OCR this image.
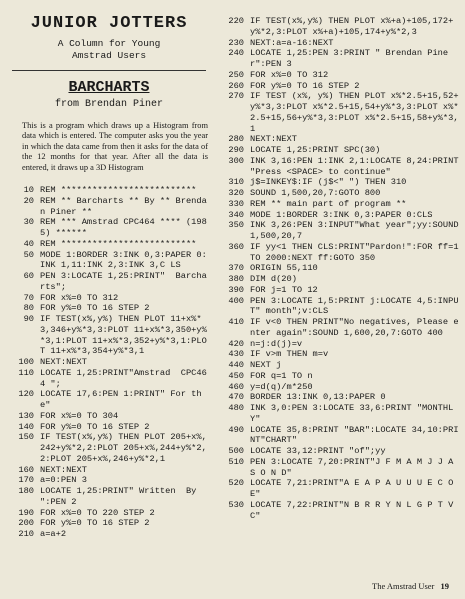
JUNIOR JOTTERS
A Column for Young
Amstrad Users
BARCHARTS
from Brendan Piner

This is a program which draws up a Histogram from data which is entered. The computer asks you the year in which the data came from then it asks for the data of the 12 months for that year. After all the data is entered, it draws up a 3D Histogram

10 REM **************************
20 REM ** Barcharts ** By ** Brendan Piner **
30 REM *** Amstrad CPC464 **** (1985) ******
40 REM **************************
50 MODE 1:BORDER 3:INK 0,3:PAPER 0:INK 1,11:INK 2,3:INK 3,C LS
60 PEN 3:LOCATE 1,25:PRINT"  Barcharts";
70 FOR x%=0 TO 312
80 FOR y%=0 TO 16 STEP 2
90 IF TEST(x%,y%) THEN PLOT 11+x%*3,346+y%*3,3:PLOT 11+x%*3,350+y%*3,1:PLOT 11+x%*3,352+y%*3,1:PLOT 11+x%*3,354+y%*3,1
100 NEXT:NEXT
110 LOCATE 1,25:PRINT"Amstrad  CPC464 ";
120 LOCATE 17,6:PEN 1:PRINT" For the"
130 FOR x%=0 TO 304
140 FOR y%=0 TO 16 STEP 2
150 IF TEST(x%,y%) THEN PLOT 205+x%,242+y%*2,2:PLOT 205+x%,244+y%*2,2:PLOT 205+x%,246+y%*2,1
160 NEXT:NEXT
170 a=0:PEN 3
180 LOCATE 1,25:PRINT" Written  By      ":PEN 2
190 FOR x%=0 TO 220 STEP 2
200 FOR y%=0 TO 16 STEP 2
210 a=a+2
220 IF TEST(x%,y%) THEN PLOT x%+a)+105,172+y%*2,3:PLOT x%+a)+105,174+y%*2,3
230 NEXT:a=a-16:NEXT
240 LOCATE 1,25:PEN 3:PRINT " Brendan Piner":PEN 3
250 FOR x%=0 TO 312
260 FOR y%=0 TO 16 STEP 2
270 IF TEST (x%, y%) THEN PLOT x%*2.5+15,52+y%*3,3:PLOT x%*2.5+15,54+y%*3,3:PLOT x%*2.5+15,56+y%*3,3:PLOT x%*2.5+15,58+y%*3,1
280 NEXT:NEXT
290 LOCATE 1,25:PRINT SPC(30)
300 INK 3,16:PEN 1:INK 2,1:LOCATE 8,24:PRINT "Press <SPACE> to continue"
310 j$=INKEY$:IF (j$<" ") THEN 310
320 SOUND 1,500,20,7:GOTO 800
330 REM ** main part of program **
340 MODE 1:BORDER 3:INK 0,3:PAPER 0:CLS
350 INK 3,26:PEN 3:INPUT"What year";yy:SOUND 1,500,20,7
360 IF yy<1 THEN CLS:PRINT"Pardon!":FOR ff=1 TO 2000:NEXT ff:GOTO 350
370 ORIGIN 55,110
380 DIM d(20)
390 FOR j=1 TO 12
400 PEN 3:LOCATE 1,5:PRINT j:LOCATE 4,5:INPUT" month";v:CLS
410 IF v<0 THEN PRINT"No negatives, Please enter again":SOUND 1,600,20,7:GOTO 400
420 n=j:d(j)=v
430 IF v>m THEN m=v
440 NEXT j
450 FOR q=1 TO n
460 y=d(q)/m*250
470 BORDER 13:INK 0,13:PAPER 0
480 INK 3,0:PEN 3:LOCATE 33,6:PRINT "MONTHLY"
490 LOCATE 35,8:PRINT "BAR":LOCATE 34,10:PRINT"CHART"
500 LOCATE 33,12:PRINT "of";yy
510 PEN 3:LOCATE 7,20:PRINT"J F M A M J J A S O N D"
520 LOCATE 7,21:PRINT"A E A P A U U U E C O E"
530 LOCATE 7,22:PRINT"N B R R Y N L G P T V C"
The Amstrad User 19
